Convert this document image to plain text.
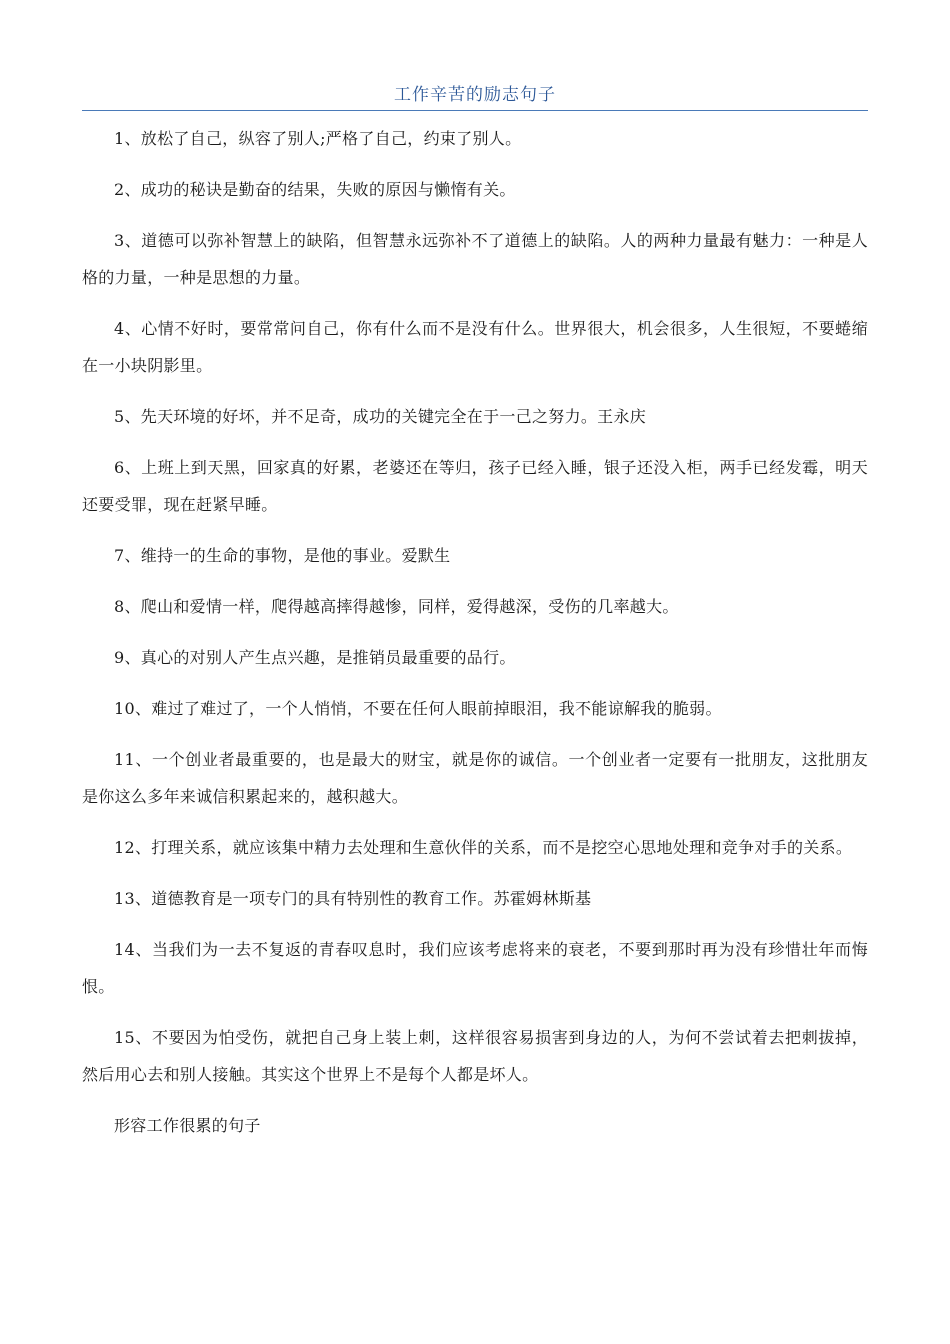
工作辛苦的励志句子

1、放松了自己，纵容了别人;严格了自己，约束了别人。

2、成功的秘诀是勤奋的结果，失败的原因与懒惰有关。

3、道德可以弥补智慧上的缺陷，但智慧永远弥补不了道德上的缺陷。人的两种力量最有魅力：一种是人格的力量，一种是思想的力量。

4、心情不好时，要常常问自己，你有什么而不是没有什么。世界很大，机会很多，人生很短，不要蜷缩在一小块阴影里。

5、先天环境的好坏，并不足奇，成功的关键完全在于一己之努力。王永庆

6、上班上到天黑，回家真的好累，老婆还在等归，孩子已经入睡，银子还没入柜，两手已经发霉，明天还要受罪，现在赶紧早睡。

7、维持一的生命的事物，是他的事业。爱默生

8、爬山和爱情一样，爬得越高摔得越惨，同样，爱得越深，受伤的几率越大。

9、真心的对别人产生点兴趣，是推销员最重要的品行。

10、难过了难过了，一个人悄悄，不要在任何人眼前掉眼泪，我不能谅解我的脆弱。

11、一个创业者最重要的，也是最大的财宝，就是你的诚信。一个创业者一定要有一批朋友，这批朋友是你这么多年来诚信积累起来的，越积越大。

12、打理关系，就应该集中精力去处理和生意伙伴的关系，而不是挖空心思地处理和竞争对手的关系。

13、道德教育是一项专门的具有特别性的教育工作。苏霍姆林斯基

14、当我们为一去不复返的青春叹息时，我们应该考虑将来的衰老，不要到那时再为没有珍惜壮年而悔恨。

15、不要因为怕受伤，就把自己身上装上刺，这样很容易损害到身边的人，为何不尝试着去把刺拔掉，然后用心去和别人接触。其实这个世界上不是每个人都是坏人。

形容工作很累的句子
